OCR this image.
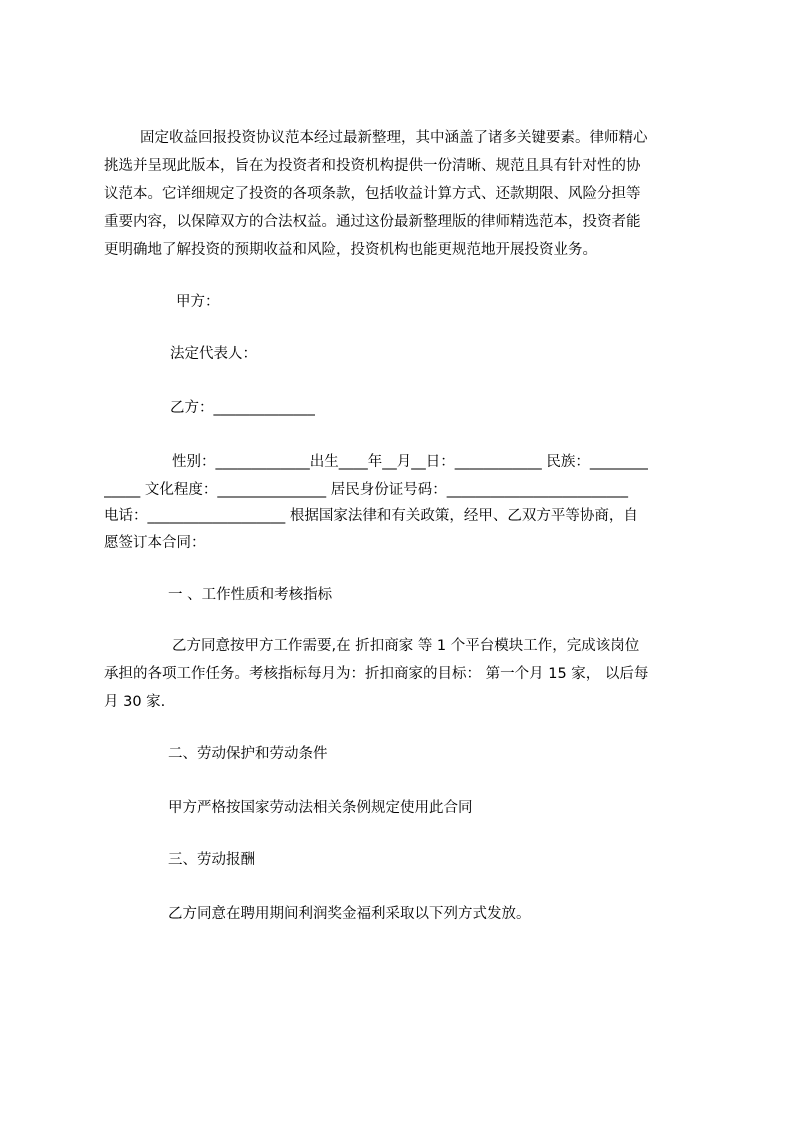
固定收益回报投资协议范本经过最新整理，其中涵盖了诸多关键要素。律师精心
挑选并呈现此版本，旨在为投资者和投资机构提供一份清晰、规范且具有针对性的协
议范本。它详细规定了投资的各项条款，包括收益计算方式、还款期限、风险分担等
重要内容，以保障双方的合法权益。通过这份最新整理版的律师精选范本，投资者能
更明确地了解投资的预期收益和风险，投资机构也能更规范地开展投资业务。
甲方：
法定代表人：
乙方：______________
性别：_____________出生____年__月__日：____________ 民族：________
_____ 文化程度：_______________ 居民身份证号码：_________________________
电话：___________________ 根据国家法律和有关政策，经甲、乙双方平等协商，自
愿签订本合同：
一 、工作性质和考核指标
乙方同意按甲方工作需要,在 折扣商家 等 1 个平台模块工作，完成该岗位
承担的各项工作任务。考核指标每月为：折扣商家的目标： 第一个月 15 家， 以后每
月 30 家.
二、劳动保护和劳动条件
甲方严格按国家劳动法相关条例规定使用此合同
三、劳动报酬
乙方同意在聘用期间利润奖金福利采取以下列方式发放。
